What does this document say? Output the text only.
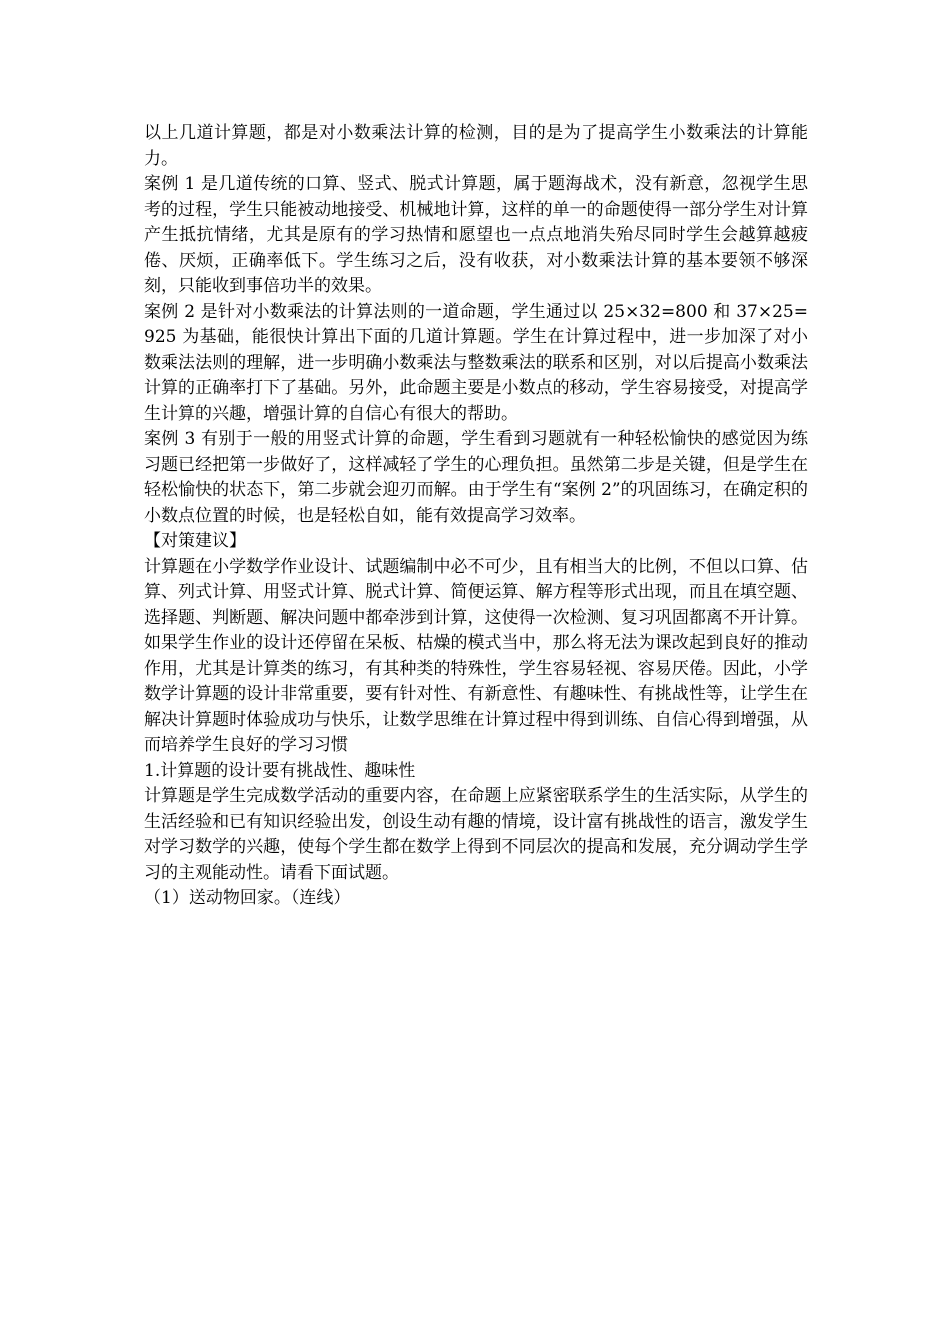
以上几道计算题，都是对小数乘法计算的检测，目的是为了提高学生小数乘法的计算能力。

案例 1 是几道传统的口算、竖式、脱式计算题，属于题海战术，没有新意，忽视学生思考的过程，学生只能被动地接受、机械地计算，这样的单一的命题使得一部分学生对计算产生抵抗情绪，尤其是原有的学习热情和愿望也一点点地消失殆尽同时学生会越算越疲倦、厌烦，正确率低下。学生练习之后，没有收获，对小数乘法计算的基本要领不够深刻，只能收到事倍功半的效果。

案例 2 是针对小数乘法的计算法则的一道命题，学生通过以 25×32=800 和 37×25=925 为基础，能很快计算出下面的几道计算题。学生在计算过程中，进一步加深了对小数乘法法则的理解，进一步明确小数乘法与整数乘法的联系和区别，对以后提高小数乘法计算的正确率打下了基础。另外，此命题主要是小数点的移动，学生容易接受，对提高学生计算的兴趣，增强计算的自信心有很大的帮助。

案例 3 有别于一般的用竖式计算的命题，学生看到习题就有一种轻松愉快的感觉因为练习题已经把第一步做好了，这样减轻了学生的心理负担。虽然第二步是关键，但是学生在轻松愉快的状态下，第二步就会迎刃而解。由于学生有“案例 2”的巩固练习，在确定积的小数点位置的时候，也是轻松自如，能有效提高学习效率。

【对策建议】

计算题在小学数学作业设计、试题编制中必不可少，且有相当大的比例，不但以口算、估算、列式计算、用竖式计算、脱式计算、简便运算、解方程等形式出现，而且在填空题、选择题、判断题、解决问题中都牵涉到计算，这使得一次检测、复习巩固都离不开计算。如果学生作业的设计还停留在呆板、枯燥的模式当中，那么将无法为课改起到良好的推动作用，尤其是计算类的练习，有其种类的特殊性，学生容易轻视、容易厌倦。因此，小学数学计算题的设计非常重要，要有针对性、有新意性、有趣味性、有挑战性等，让学生在解决计算题时体验成功与快乐，让数学思维在计算过程中得到训练、自信心得到增强，从而培养学生良好的学习习惯

1.计算题的设计要有挑战性、趣味性

计算题是学生完成数学活动的重要内容，在命题上应紧密联系学生的生活实际，从学生的生活经验和已有知识经验出发，创设生动有趣的情境，设计富有挑战性的语言，激发学生对学习数学的兴趣，使每个学生都在数学上得到不同层次的提高和发展，充分调动学生学习的主观能动性。请看下面试题。

（1）送动物回家。（连线）
